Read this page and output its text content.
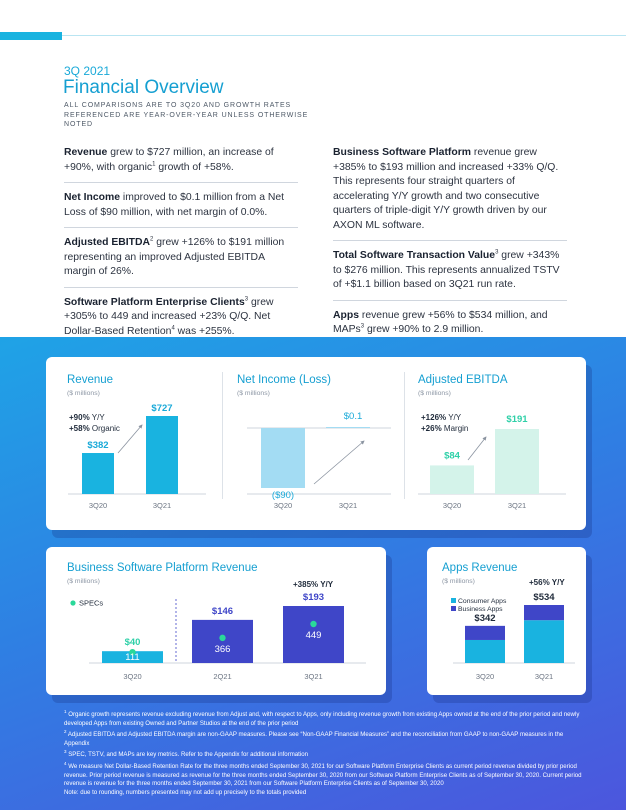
3Q 2021
Financial Overview
ALL COMPARISONS ARE TO 3Q20 AND GROWTH RATES REFERENCED ARE YEAR-OVER-YEAR UNLESS OTHERWISE NOTED
Revenue grew to $727 million, an increase of +90%, with organic$^1$ growth of +58%.
Net Income improved to $0.1 million from a Net Loss of $90 million, with net margin of 0.0%.
Adjusted EBITDA$^2$ grew +126% to $191 million representing an improved Adjusted EBITDA margin of 26%.
Software Platform Enterprise Clients$^3$ grew +305% to 449 and increased +23% Q/Q. Net Dollar-Based Retention$^4$ was +255%.
Business Software Platform revenue grew +385% to $193 million and increased +33% Q/Q. This represents four straight quarters of accelerating Y/Y growth and two consecutive quarters of triple-digit Y/Y growth driven by our AXON ML software.
Total Software Transaction Value$^3$ grew +343% to $276 million. This represents annualized TSTV of +$1.1 billion based on 3Q21 run rate.
Apps revenue grew +56% to $534 million, and MAPs$^3$ grew +90% to 2.9 million.
Revenue
($ millions)
Net Income (Loss)
($ millions)
Adjusted EBITDA
($ millions)
$382
3Q20
$727
3Q21
($90)
$0.1
3Q20	3Q21
$84
3Q20
$191
3Q21
+90% Y/Y
+58% Organic
+126% Y/Y
+26% Margin
Business Software Platform Revenue
($ millions)
SPECs
+385% Y/Y
$40
111
3Q20
$146
366
2Q21
$193
449
3Q21
Apps Revenue
($ millions)	+56% Y/Y
Consumer Apps
Business Apps
$342
3Q20
$534
3Q21

$^1$ Organic growth represents revenue excluding revenue from Adjust and, with respect to Apps, only including revenue growth from existing Apps owned at the end of the prior period and newly developed Apps from existing Owned and Partner Studios at the end of the prior period

$^2$ Adjusted EBITDA and Adjusted EBITDA margin are non-GAAP measures. Please see “Non-GAAP Financial Measures” and the reconciliation from GAAP to non-GAAP measures in the Appendix

$^3$ SPEC, TSTV, and MAPs are key metrics. Refer to the Appendix for additional information

$^4$ We measure Net Dollar-Based Retention Rate for the three months ended September 30, 2021 for our Software Platform Enterprise Clients as current period revenue divided by prior period revenue. Prior period revenue is measured as revenue for the three months ended September 30, 2020 from our Software Platform Enterprise Clients as of September 30, 2020. Current period revenue is revenue for the three months ended September 30, 2021 from our Software Platform Enterprise Clients as of September 30, 2020

Note: due to rounding, numbers presented may not add up precisely to the totals provided
